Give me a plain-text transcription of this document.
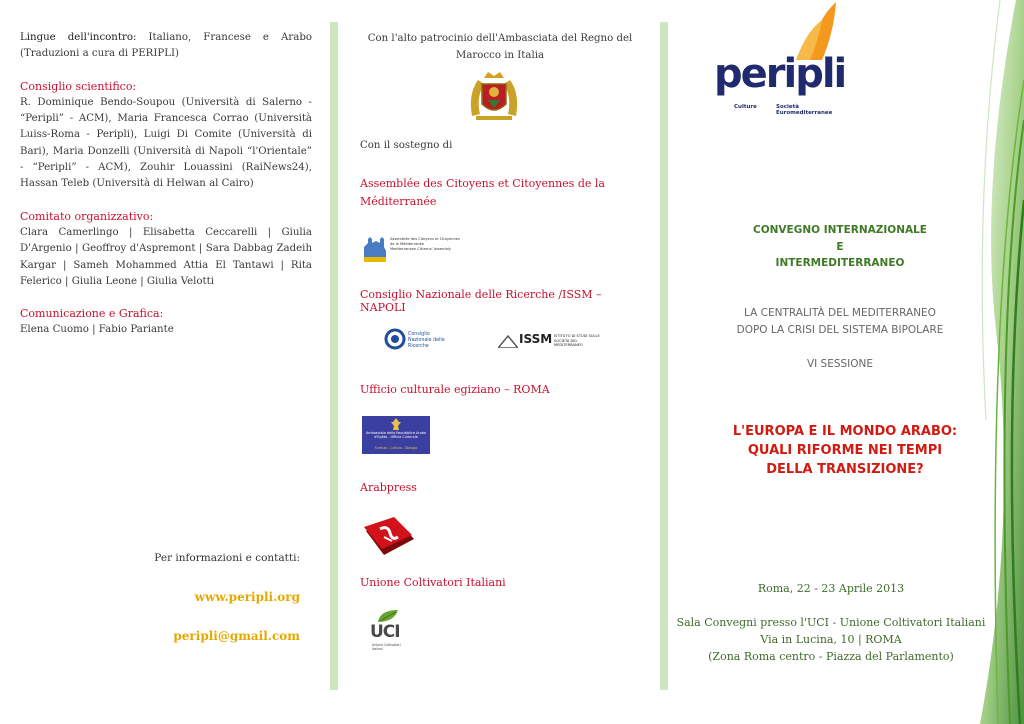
Lingue dell'incontro: Italiano, Francese e Arabo (Traduzioni a cura di PERIPLI)

Consiglio scientifico:

R. Dominique Bendo-Soupou (Università di Salerno - “Peripli” - ACM), Maria Francesca Corrao (Università Luiss-Roma - Peripli), Luigi Di Comite (Università di Bari), Maria Donzelli (Università di Napoli “l'Orientale” - “Peripli” - ACM), Zouhir Louassini (RaiNews24), Hassan Teleb (Università di Helwan al Cairo)

Comitato organizzativo:

Clara Camerlingo | Elisabetta Ceccarelli | Giulia D'Argenio | Geoffroy d'Aspremont | Sara Dabbag Zadeih Kargar | Sameh Mohammed Attia El Tantawi | Rita Felerico | Giulia Leone | Giulia Velotti

Comunicazione e Grafica:

Elena Cuomo | Fabio Pariante

Per informazioni e contatti:
www.peripli.org
peripli@gmail.com
Con l'alto patrocinio dell'Ambasciata del Regno del Marocco in Italia
Con il sostegno di
Assemblée des Citoyens et Citoyennes de la Méditerranée
Assemblée des Citoyens et Citoyennes de la Méditerranée
Mediterranean Citizens' Assembly
Consiglio Nazionale delle Ricerche /ISSM – NAPOLI
Consiglio Nazionale delle Ricerche
ISSM ISTITUTO DI STUDI SULLE SOCIETÀ DEL MEDITERRANEO
Ufficio culturale egiziano – ROMA
Ambasciata della Repubblica Araba d'Egitto - Ufficio Culturale
Scienza - Cultura - Dialogo
Arabpress
Unione Coltivatori Italiani
UCI
Unione Coltivatori Italiani
peripli
Culture	Società Euromediterranee
CONVEGNO INTERNAZIONALE
E
INTERMEDITERRANEO
LA CENTRALITÀ DEL MEDITERRANEO
DOPO LA CRISI DEL SISTEMA BIPOLARE
VI SESSIONE
L'EUROPA E IL MONDO ARABO:
QUALI RIFORME NEI TEMPI
DELLA TRANSIZIONE?
Roma, 22 - 23 Aprile 2013
Sala Convegni presso l'UCI - Unione Coltivatori Italiani
Via in Lucina, 10 | ROMA
(Zona Roma centro - Piazza del Parlamento)
